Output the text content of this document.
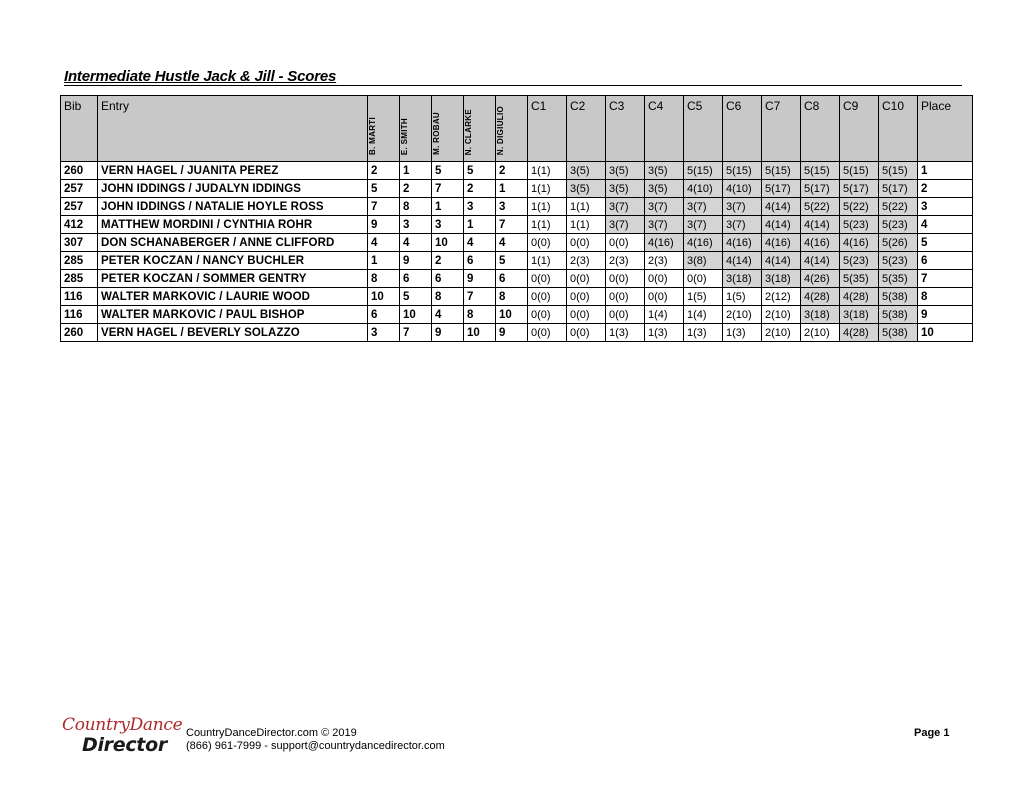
Intermediate Hustle Jack & Jill - Scores
Bib	Entry	B. MARTI	E. SMITH	M. ROBAU	N. CLARKE	N. DIGIULIO	C1	C2	C3	C4	C5	C6	C7	C8	C9	C10	Place
260	VERN HAGEL / JUANITA PEREZ	2	1	5	5	2	1(1)	3(5)	3(5)	3(5)	5(15)	5(15)	5(15)	5(15)	5(15)	5(15)	1
257	JOHN IDDINGS / JUDALYN IDDINGS	5	2	7	2	1	1(1)	3(5)	3(5)	3(5)	4(10)	4(10)	5(17)	5(17)	5(17)	5(17)	2
257	JOHN IDDINGS / NATALIE HOYLE ROSS	7	8	1	3	3	1(1)	1(1)	3(7)	3(7)	3(7)	3(7)	4(14)	5(22)	5(22)	5(22)	3
412	MATTHEW MORDINI / CYNTHIA ROHR	9	3	3	1	7	1(1)	1(1)	3(7)	3(7)	3(7)	3(7)	4(14)	4(14)	5(23)	5(23)	4
307	DON SCHANABERGER / ANNE CLIFFORD	4	4	10	4	4	0(0)	0(0)	0(0)	4(16)	4(16)	4(16)	4(16)	4(16)	4(16)	5(26)	5
285	PETER KOCZAN / NANCY BUCHLER	1	9	2	6	5	1(1)	2(3)	2(3)	2(3)	3(8)	4(14)	4(14)	4(14)	5(23)	5(23)	6
285	PETER KOCZAN / SOMMER GENTRY	8	6	6	9	6	0(0)	0(0)	0(0)	0(0)	0(0)	3(18)	3(18)	4(26)	5(35)	5(35)	7
116	WALTER MARKOVIC / LAURIE WOOD	10	5	8	7	8	0(0)	0(0)	0(0)	0(0)	1(5)	1(5)	2(12)	4(28)	4(28)	5(38)	8
116	WALTER MARKOVIC / PAUL BISHOP	6	10	4	8	10	0(0)	0(0)	0(0)	1(4)	1(4)	2(10)	2(10)	3(18)	3(18)	5(38)	9
260	VERN HAGEL / BEVERLY SOLAZZO	3	7	9	10	9	0(0)	0(0)	1(3)	1(3)	1(3)	1(3)	2(10)	2(10)	4(28)	5(38)	10
CountryDance
Director
CountryDanceDirector.com © 2019
(866) 961-7999 - support@countrydancedirector.com
Page 1
